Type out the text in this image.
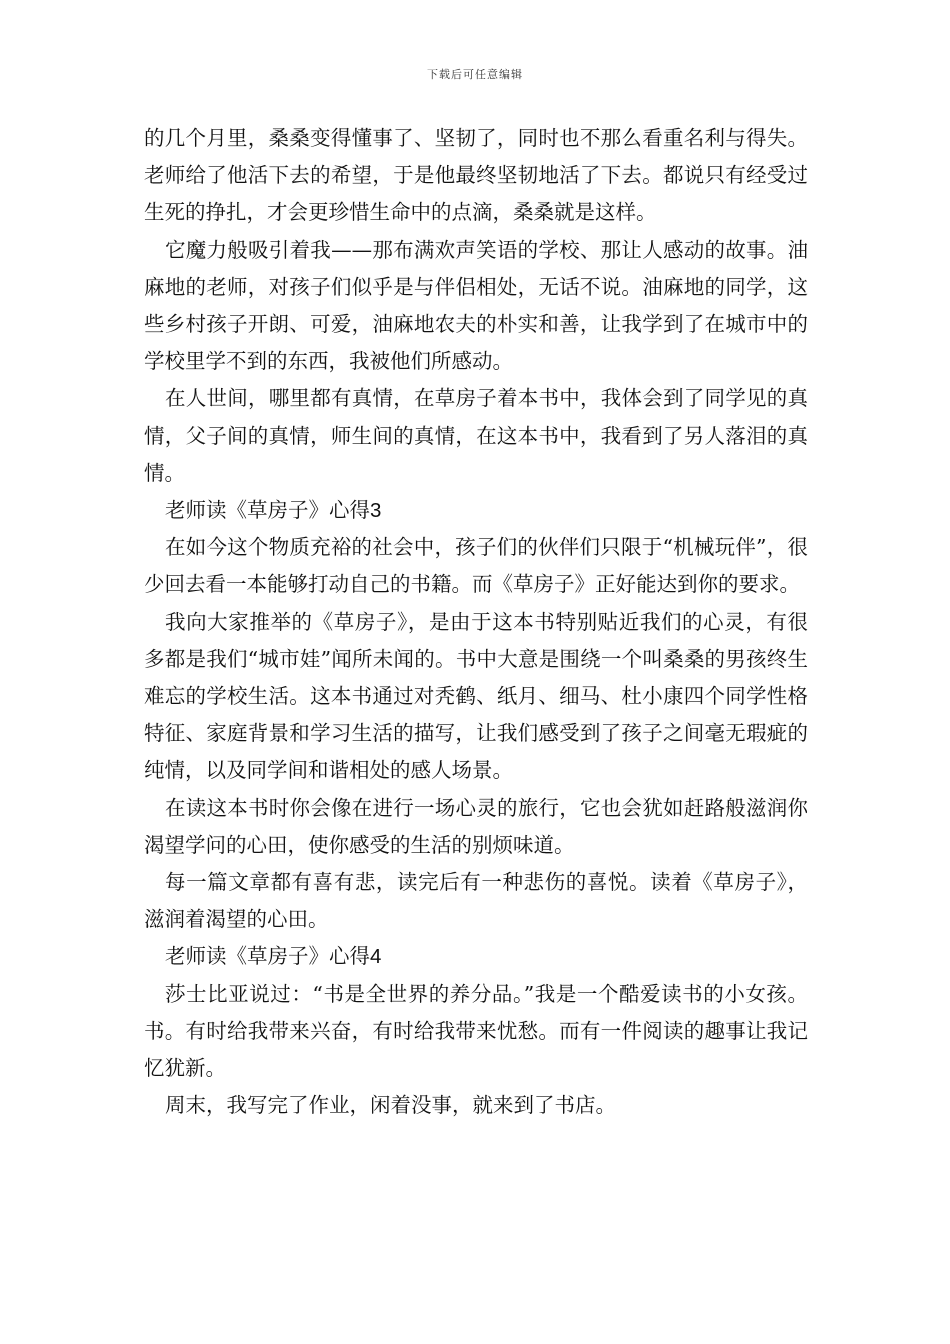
下载后可任意编辑

的几个月里，桑桑变得懂事了、坚韧了，同时也不那么看重名利与得失。老师给了他活下去的希望，于是他最终坚韧地活了下去。都说只有经受过生死的挣扎，才会更珍惜生命中的点滴，桑桑就是这样。

它魔力般吸引着我——那布满欢声笑语的学校、那让人感动的故事。油麻地的老师，对孩子们似乎是与伴侣相处，无话不说。油麻地的同学，这些乡村孩子开朗、可爱，油麻地农夫的朴实和善，让我学到了在城市中的学校里学不到的东西，我被他们所感动。

在人世间，哪里都有真情，在草房子着本书中，我体会到了同学见的真情，父子间的真情，师生间的真情，在这本书中，我看到了另人落泪的真情。

老师读《草房子》心得3

在如今这个物质充裕的社会中，孩子们的伙伴们只限于“机械玩伴”，很少回去看一本能够打动自己的书籍。而《草房子》正好能达到你的要求。

我向大家推举的《草房子》，是由于这本书特别贴近我们的心灵，有很多都是我们“城市娃”闻所未闻的。书中大意是围绕一个叫桑桑的男孩终生难忘的学校生活。这本书通过对秃鹤、纸月、细马、杜小康四个同学性格特征、家庭背景和学习生活的描写，让我们感受到了孩子之间毫无瑕疵的纯情，以及同学间和谐相处的感人场景。

在读这本书时你会像在进行一场心灵的旅行，它也会犹如赶路般滋润你渴望学问的心田，使你感受的生活的别烦味道。

每一篇文章都有喜有悲，读完后有一种悲伤的喜悦。读着《草房子》，滋润着渴望的心田。

老师读《草房子》心得4

莎士比亚说过：“书是全世界的养分品。”我是一个酷爱读书的小女孩。书。有时给我带来兴奋，有时给我带来忧愁。而有一件阅读的趣事让我记忆犹新。

周末，我写完了作业，闲着没事，就来到了书店。
